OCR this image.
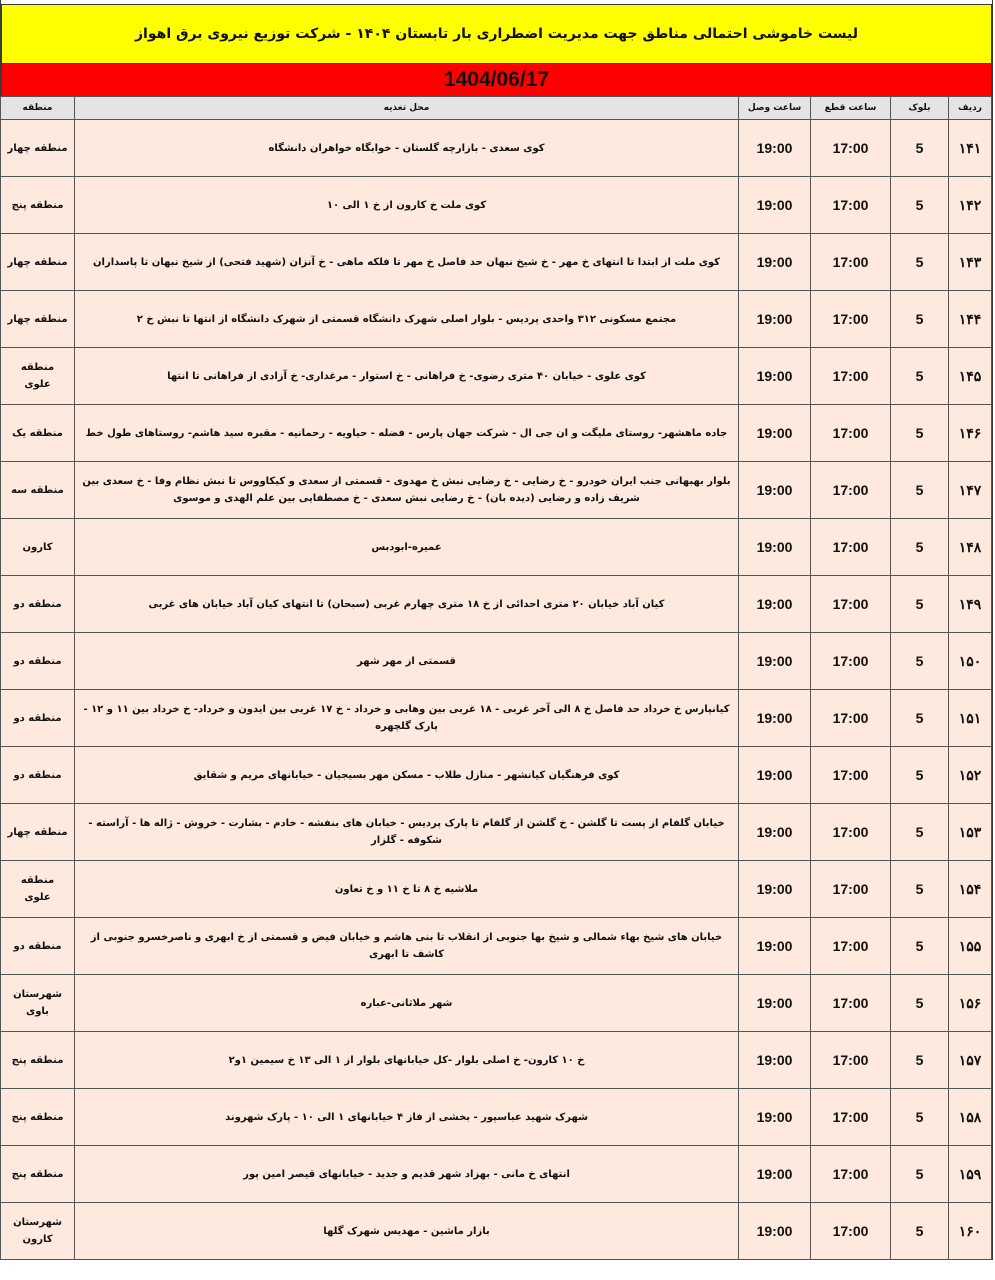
لیست خاموشی احتمالی مناطق جهت مدیریت اضطراری بار تابستان ۱۴۰۴ - شرکت توزیع نیروی برق اهواز
1404/06/17
ردیف	بلوک	ساعت قطع	ساعت وصل	محل تغذیه	منطقه
۱۴۱	5	17:00	19:00	کوی سعدی - بازارچه گلستان - خوابگاه خواهران دانشگاه	منطقه چهار
۱۴۲	5	17:00	19:00	کوی ملت خ کارون از خ ۱ الی ۱۰	منطقه پنج
۱۴۳	5	17:00	19:00	کوی ملت از ابتدا تا انتهای خ مهر - خ شیخ نبهان حد فاصل خ مهر تا فلکه ماهی - خ آنزان (شهید فتحی) از شیخ نبهان تا پاسداران	منطقه چهار
۱۴۴	5	17:00	19:00	مجتمع مسکونی ۳۱۲ واحدی پردیس - بلوار اصلی شهرک دانشگاه قسمتی از شهرک دانشگاه از انتها تا نبش خ ۲	منطقه چهار
۱۴۵	5	17:00	19:00	کوی علوی - خیابان ۴۰ متری رضوی- خ فراهانی - خ استوار - مرغداری- خ آزادی از فراهانی تا انتها	منطقه علوی
۱۴۶	5	17:00	19:00	جاده ماهشهر- روستای ملیگت و ان جی ال - شرکت جهان پارس - فضله - حیاویه - رحمانیه - مقبره سید هاشم- روستاهای طول خط	منطقه یک
۱۴۷	5	17:00	19:00	بلوار بهبهانی جنب ایران خودرو - خ رضایی - خ رضایی نبش خ مهدوی - قسمتی از سعدی و کیکاووس تا نبش نظام وفا - خ سعدی بین شریف زاده و رضایی (دیده بان) - خ رضایی نبش سعدی - خ مصطفایی بین علم الهدی و موسوی	منطقه سه
۱۴۸	5	17:00	19:00	عمیره-ابودبس	کارون
۱۴۹	5	17:00	19:00	کیان آباد خیابان ۲۰ متری احدائی از خ ۱۸ متری چهارم غربی (سبحان) تا انتهای کیان آباد خیابان های غربی	منطقه دو
۱۵۰	5	17:00	19:00	قسمتی از مهر شهر	منطقه دو
۱۵۱	5	17:00	19:00	کیانپارس خ خرداد حد فاصل خ ۸ الی آخر غربی - ۱۸ غربی بین وهابی و خرداد - خ ۱۷ غربی بین ایدون و خرداد- خ خرداد بین ۱۱ و ۱۲ - پارک گلچهره	منطقه دو
۱۵۲	5	17:00	19:00	کوی فرهنگیان کیانشهر - منازل طلاب - مسکن مهر بسیجیان - خیابانهای مریم و شقایق	منطقه دو
۱۵۳	5	17:00	19:00	خیابان گلفام از پست تا گلشن - خ گلشن از گلفام تا پارک پردیس - خیابان های بنفشه - خادم - بشارت - خروش - ژاله ها - آراسته - شکوفه - گلزار	منطقه چهار
۱۵۴	5	17:00	19:00	ملاشیه خ ۸ تا خ ۱۱ و خ تعاون	منطقه علوی
۱۵۵	5	17:00	19:00	خیابان های شیخ بهاء شمالی و شیخ بها جنوبی از انقلاب تا بنی هاشم و خیابان فیض و قسمتی از خ ابهری و ناصرخسرو جنوبی از کاشف تا ابهری	منطقه دو
۱۵۶	5	17:00	19:00	شهر ملاثانی-عباره	شهرستان باوی
۱۵۷	5	17:00	19:00	خ ۱۰ کارون- خ اصلی بلوار -کل خیابانهای بلوار از ۱ الی ۱۳ خ سیمین ۱و۲	منطقه پنج
۱۵۸	5	17:00	19:00	شهرک شهید عباسپور - بخشی از فاز ۴ خیابانهای ۱ الی ۱۰ - پارک شهروند	منطقه پنج
۱۵۹	5	17:00	19:00	انتهای خ مانی - بهزاد شهر قدیم و جدید - خیابانهای قیصر امین پور	منطقه پنج
۱۶۰	5	17:00	19:00	بازار ماشین - مهدیس شهرک گلها	شهرستان کارون
